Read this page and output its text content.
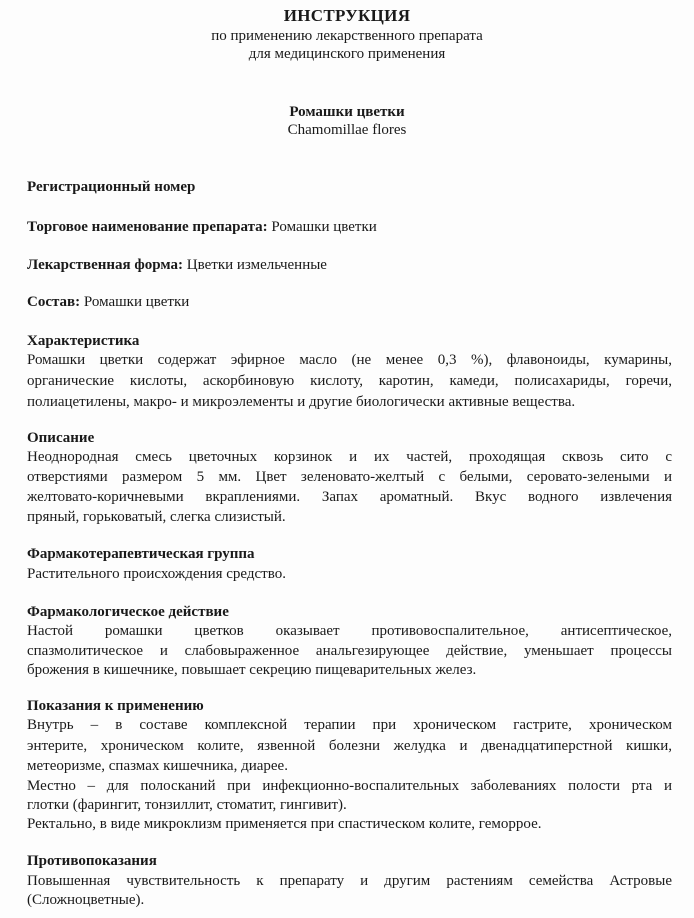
ИНСТРУКЦИЯ
по применению лекарственного препарата
для медицинского применения
Ромашки цветки
Chamomillae flores
Регистрационный номер
Торговое наименование препарата: Ромашки цветки
Лекарственная форма: Цветки измельченные
Состав: Ромашки цветки
Характеристика
Ромашки цветки содержат эфирное масло (не менее 0,3 %), флавоноиды, кумарины,
органические кислоты, аскорбиновую кислоту, каротин, камеди, полисахариды, горечи,
полиацетилены, макро- и микроэлементы и другие биологически активные вещества.
Описание
Неоднородная смесь цветочных корзинок и их частей, проходящая сквозь сито с
отверстиями размером 5 мм. Цвет зеленовато-желтый с белыми, серовато-зелеными и
желтовато-коричневыми вкраплениями. Запах ароматный. Вкус водного извлечения
пряный, горьковатый, слегка слизистый.
Фармакотерапевтическая группа
Растительного происхождения средство.
Фармакологическое действие
Настой ромашки цветков оказывает противовоспалительное, антисептическое,
спазмолитическое и слабовыраженное анальгезирующее действие, уменьшает процессы
брожения в кишечнике, повышает секрецию пищеварительных желез.
Показания к применению
Внутрь – в составе комплексной терапии при хроническом гастрите, хроническом
энтерите, хроническом колите, язвенной болезни желудка и двенадцатиперстной кишки,
метеоризме, спазмах кишечника, диарее.
Местно – для полосканий при инфекционно-воспалительных заболеваниях полости рта и
глотки (фарингит, тонзиллит, стоматит, гингивит).
Ректально, в виде микроклизм применяется при спастическом колите, геморрое.
Противопоказания
Повышенная чувствительность к препарату и другим растениям семейства Астровые
(Сложноцветные).
